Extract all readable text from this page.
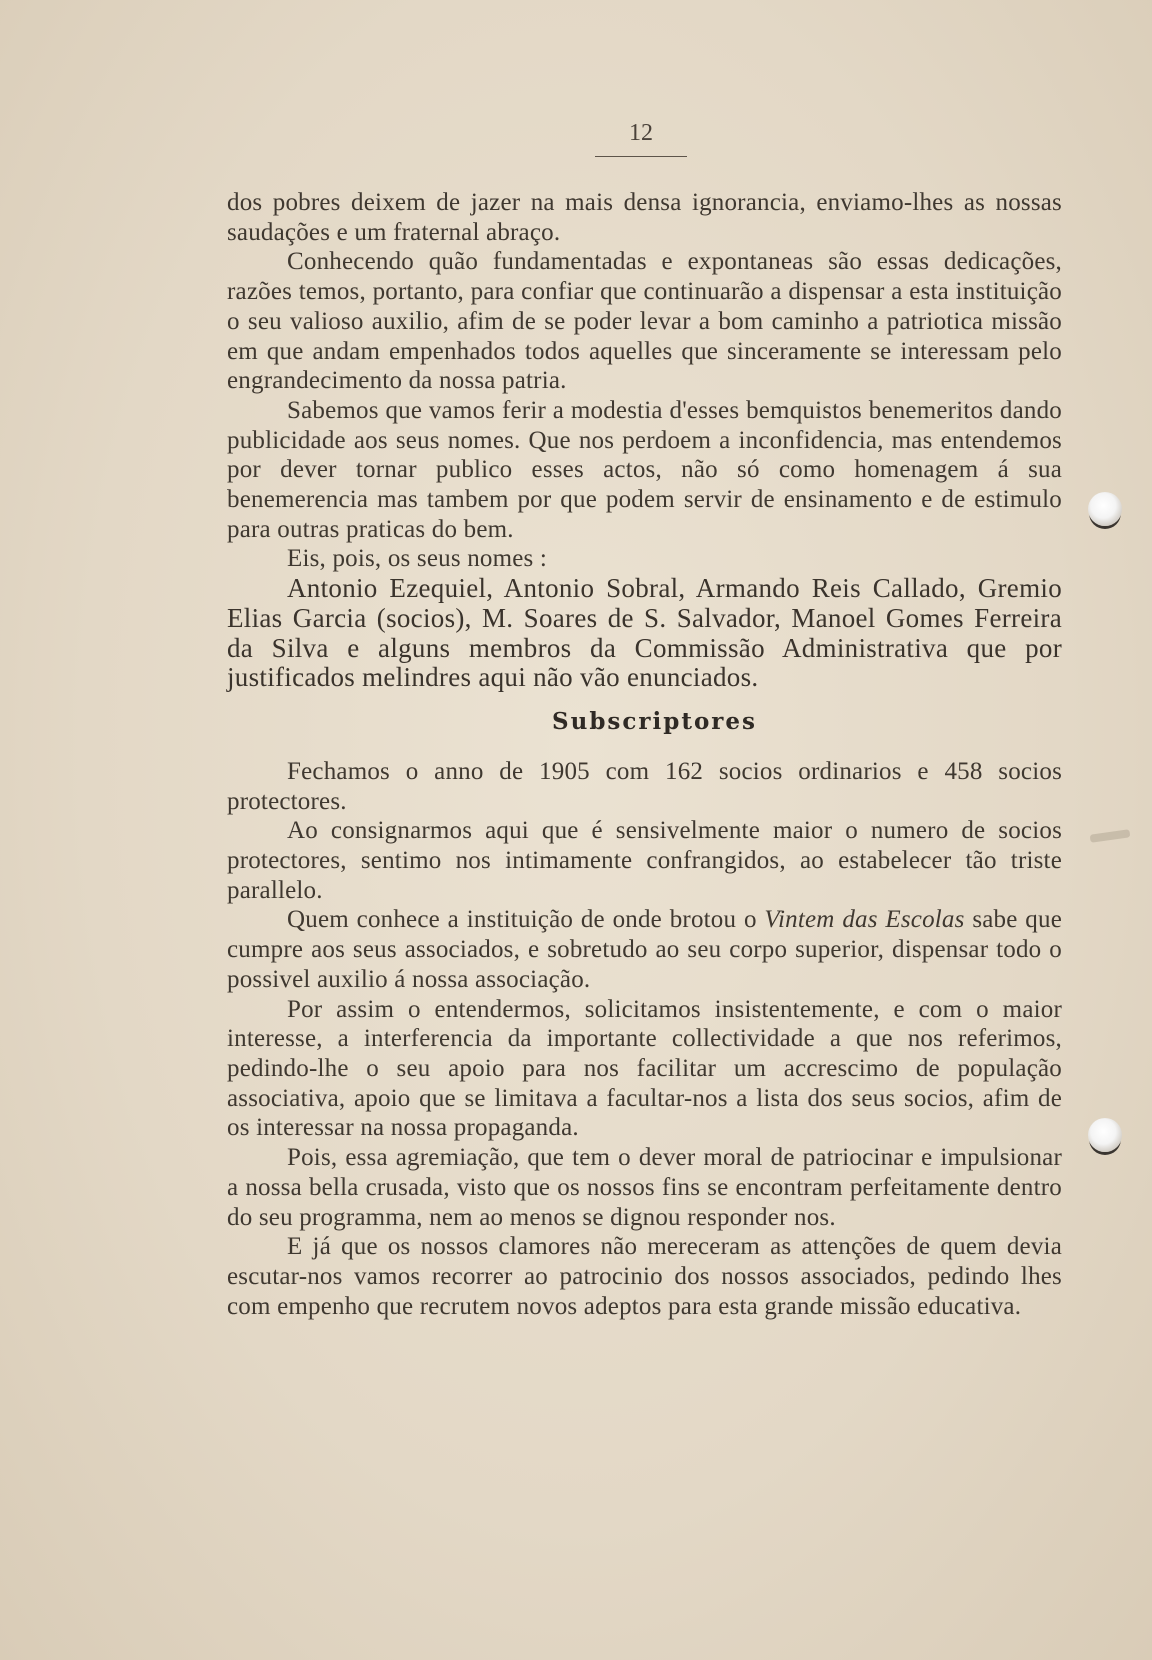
12

dos pobres deixem de jazer na mais densa ignorancia, enviamo-lhes as nossas saudações e um fraternal abraço.

Conhecendo quão fundamentadas e expontaneas são essas dedicações, razões temos, portanto, para confiar que continuarão a dispensar a esta instituição o seu valioso auxilio, afim de se poder levar a bom caminho a patriotica missão em que andam empenhados todos aquelles que sinceramente se interessam pelo engrandecimento da nossa patria.

Sabemos que vamos ferir a modestia d'esses bemquistos benemeritos dando publicidade aos seus nomes. Que nos perdoem a inconfidencia, mas entendemos por dever tornar publico esses actos, não só como homenagem á sua benemerencia mas tambem por que podem servir de ensinamento e de estimulo para outras praticas do bem.

Eis, pois, os seus nomes :

Antonio Ezequiel, Antonio Sobral, Armando Reis Callado, Gremio Elias Garcia (socios), M. Soares de S. Salvador, Manoel Gomes Ferreira da Silva e alguns membros da Commissão Administrativa que por justificados melindres aqui não vão enunciados.

Subscriptores

Fechamos o anno de 1905 com 162 socios ordinarios e 458 socios protectores.

Ao consignarmos aqui que é sensivelmente maior o numero de socios protectores, sentimo nos intimamente confrangidos, ao estabelecer tão triste parallelo.

Quem conhece a instituição de onde brotou o Vintem das Escolas sabe que cumpre aos seus associados, e sobretudo ao seu corpo superior, dispensar todo o possivel auxilio á nossa associação.

Por assim o entendermos, solicitamos insistentemente, e com o maior interesse, a interferencia da importante collectividade a que nos referimos, pedindo-lhe o seu apoio para nos facilitar um accrescimo de população associativa, apoio que se limitava a facultar-nos a lista dos seus socios, afim de os interessar na nossa propaganda.

Pois, essa agremiação, que tem o dever moral de patriocinar e impulsionar a nossa bella crusada, visto que os nossos fins se encontram perfeitamente dentro do seu programma, nem ao menos se dignou responder nos.

E já que os nossos clamores não mereceram as attenções de quem devia escutar-nos vamos recorrer ao patrocinio dos nossos associados, pedindo lhes com empenho que recrutem novos adeptos para esta grande missão educativa.
